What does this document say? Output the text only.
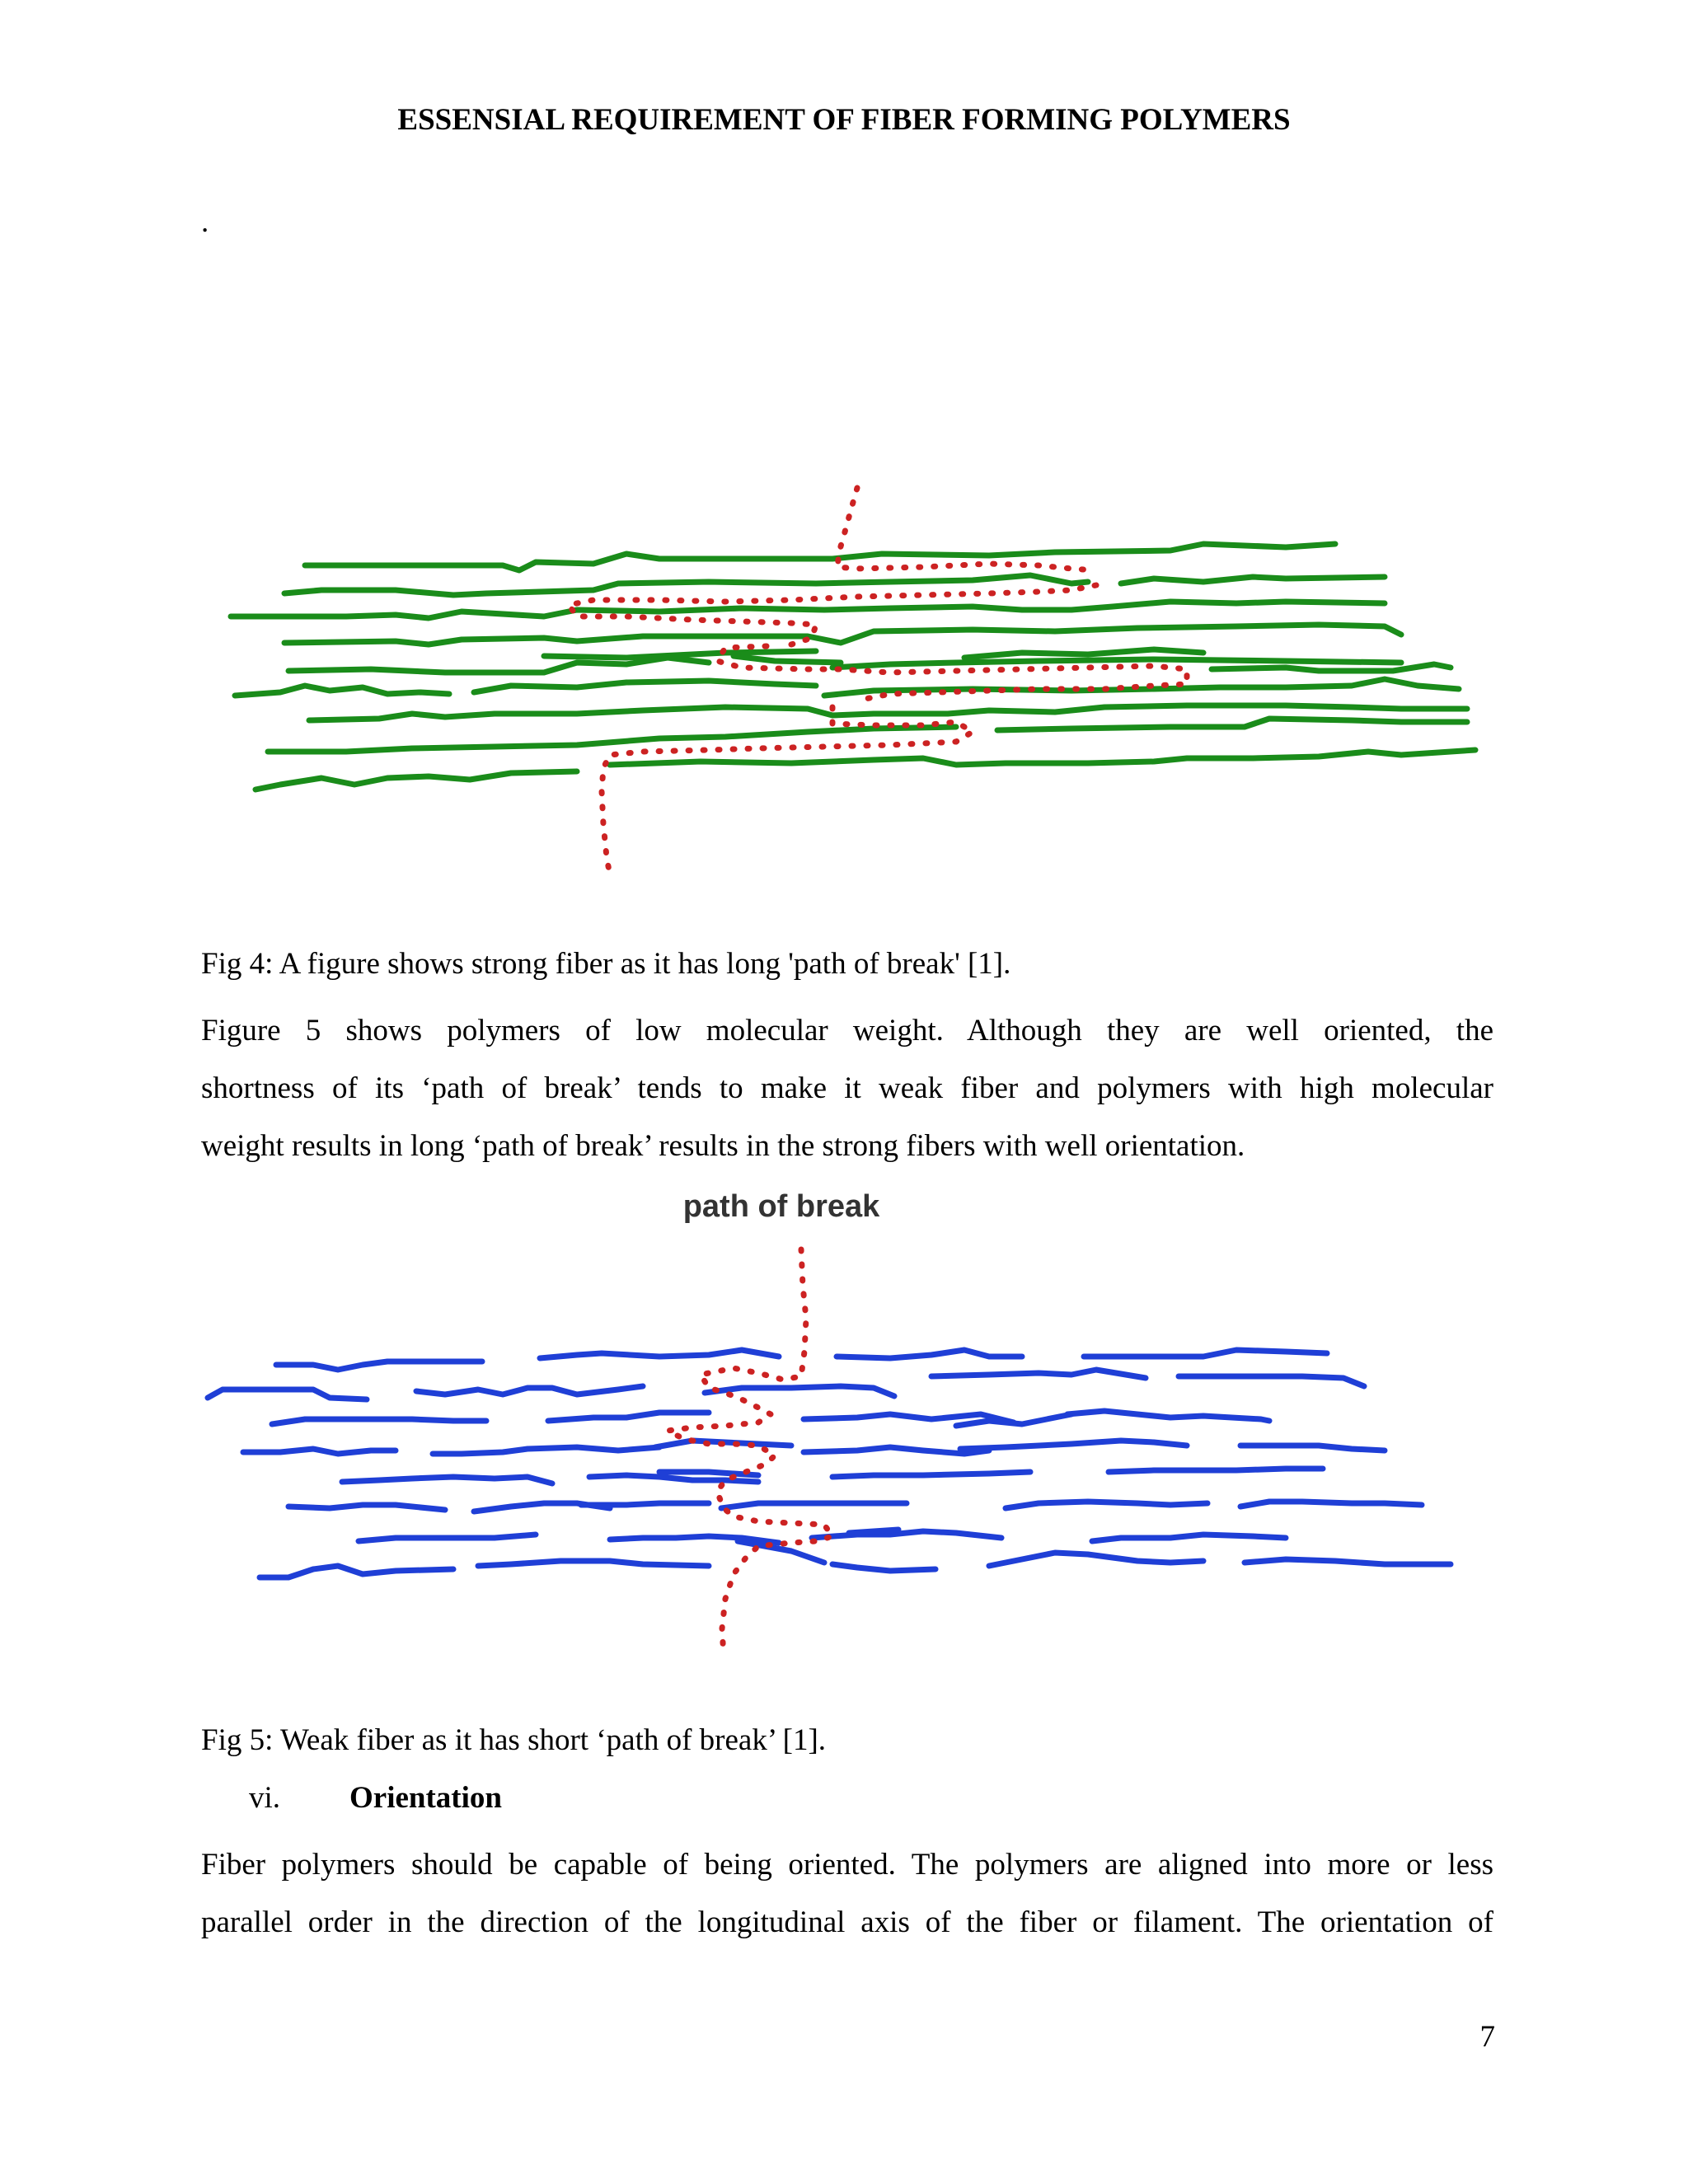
ESSENSIAL REQUIREMENT OF FIBER FORMING POLYMERS
.
Fig 4: A figure shows strong fiber as it has long 'path of break' [1].
Figure 5 shows polymers of low molecular weight. Although they are well oriented, the
shortness of its ‘path of break’ tends to make it weak fiber and polymers with high molecular
weight results in long ‘path of break’ results in the strong fibers with well orientation.
path of break
Fig 5: Weak fiber as it has short ‘path of break’ [1].
vi. Orientation
Fiber polymers should be capable of being oriented. The polymers are aligned into more or less
parallel order in the direction of the longitudinal axis of the fiber or filament. The orientation of
7
